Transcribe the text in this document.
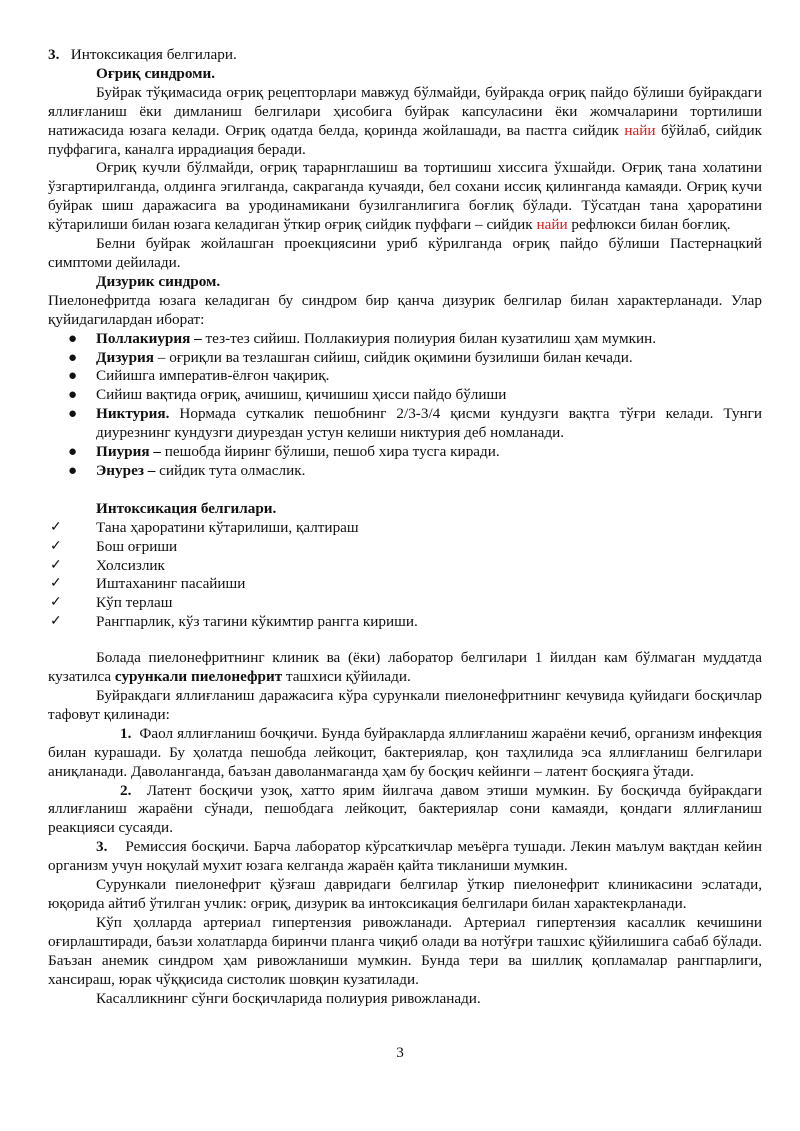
3. Интоксикация белгилари.

Оғриқ синдроми.

Буйрак тўқимасида оғриқ рецепторлари мавжуд бўлмайди, буйракда оғриқ пайдо бўлиши буйракдаги яллиғланиш ёки димланиш белгилари ҳисобига буйрак капсуласини ёки жомчаларини тортилиши натижасида юзага келади. Оғриқ одатда белда, қоринда жойлашади, ва пастга сийдик найи бўйлаб, сийдик пуффагига, каналга иррадиация беради.

Оғриқ кучли бўлмайди, оғриқ тарарнглашиш ва тортишиш хиссига ўхшайди. Оғриқ тана холатини ўзгартирилганда, олдинга эгилганда, сакраганда кучаяди, бел сохани иссиқ қилинганда камаяди. Оғриқ кучи буйрак шиш даражасига ва уродинамикани бузилганлигига боғлиқ бўлади. Тўсатдан тана ҳароратини кўтарилиши билан юзага келадиган ўткир оғриқ сийдик пуффаги – сийдик найи рефлюкси билан боғлиқ.

Белни буйрак жойлашган проекциясини уриб кўрилганда оғриқ пайдо бўлиши Пастернацкий симптоми дейилади.

Дизурик синдром.

Пиелонефритда юзага келадиган бу синдром бир қанча дизурик белгилар билан характерланади. Улар қуйидагилардан иборат:

● Поллакиурия – тез-тез сийиш. Поллакиурия полиурия билан кузатилиш ҳам мумкин.
● Дизурия – оғриқли ва тезлашган сийиш, сийдик оқимини бузилиши билан кечади.
● Сийишга императив-ёлғон чақириқ.
● Сийиш вақтида оғриқ, ачишиш, қичишиш ҳисси пайдо бўлиши
● Никтурия. Нормада суткалик пешобнинг 2/3-3/4 қисми кундузги вақтга тўғри келади. Тунги диурезнинг кундузги диурездан устун келиши никтурия деб номланади.
● Пиурия – пешобда йиринг бўлиши, пешоб хира тусга киради.
● Энурез – сийдик тута олмаслик.

Интоксикация белгилари.

✓ Тана ҳароратини кўтарилиши, қалтираш
✓ Бош оғриши
✓ Холсизлик
✓ Иштаханинг пасайиши
✓ Кўп терлаш
✓ Рангпарлик, кўз тагини кўкимтир рангга кириши.

Болада пиелонефритнинг клиник ва (ёки) лаборатор белгилари 1 йилдан кам бўлмаган муддатда кузатилса сурункали пиелонефрит ташхиси қўйилади.

Буйракдаги яллиғланиш даражасига кўра сурункали пиелонефритнинг кечувида қуйидаги босқичлар тафовут қилинади:

1. Фаол яллиғланиш бочқичи. Бунда буйракларда яллиғланиш жараёни кечиб, организм инфекция билан курашади. Бу ҳолатда пешобда лейкоцит, бактериялар, қон таҳлилида эса яллиғланиш белгилари аниқланади. Даволанганда, баъзан даволанмаганда ҳам бу босқич кейинги – латент босқияга ўтади.

2. Латент босқичи узоқ, хатто ярим йилгача давом этиши мумкин. Бу босқичда буйракдаги яллиғланиш жараёни сўнади, пешобдага лейкоцит, бактериялар сони камаяди, қондаги яллиғланиш реакцияси сусаяди.

3. Ремиссия босқичи. Барча лаборатор кўрсаткичлар меъёрга тушади. Лекин маълум вақтдан кейин организм учун ноқулай мухит юзага келганда жараён қайта тикланиши мумкин.

Сурункали пиелонефрит қўзғаш давридаги белгилар ўткир пиелонефрит клиникасини эслатади, юқорида айтиб ўтилган учлик: оғриқ, дизурик ва интоксикация белгилари билан характекрланади.

Кўп ҳолларда артериал гипертензия ривожланади. Артериал гипертензия касаллик кечишини оғирлаштиради, баъзи холатларда биринчи планга чиқиб олади ва нотўғри ташхис қўйилишига сабаб бўлади. Баъзан анемик синдром ҳам ривожланиши мумкин. Бунда тери ва шиллиқ қопламалар рангпарлиги, хансираш, юрак чўққисида систолик шовқин кузатилади.

Касалликнинг сўнги босқичларида полиурия ривожланади.

3
